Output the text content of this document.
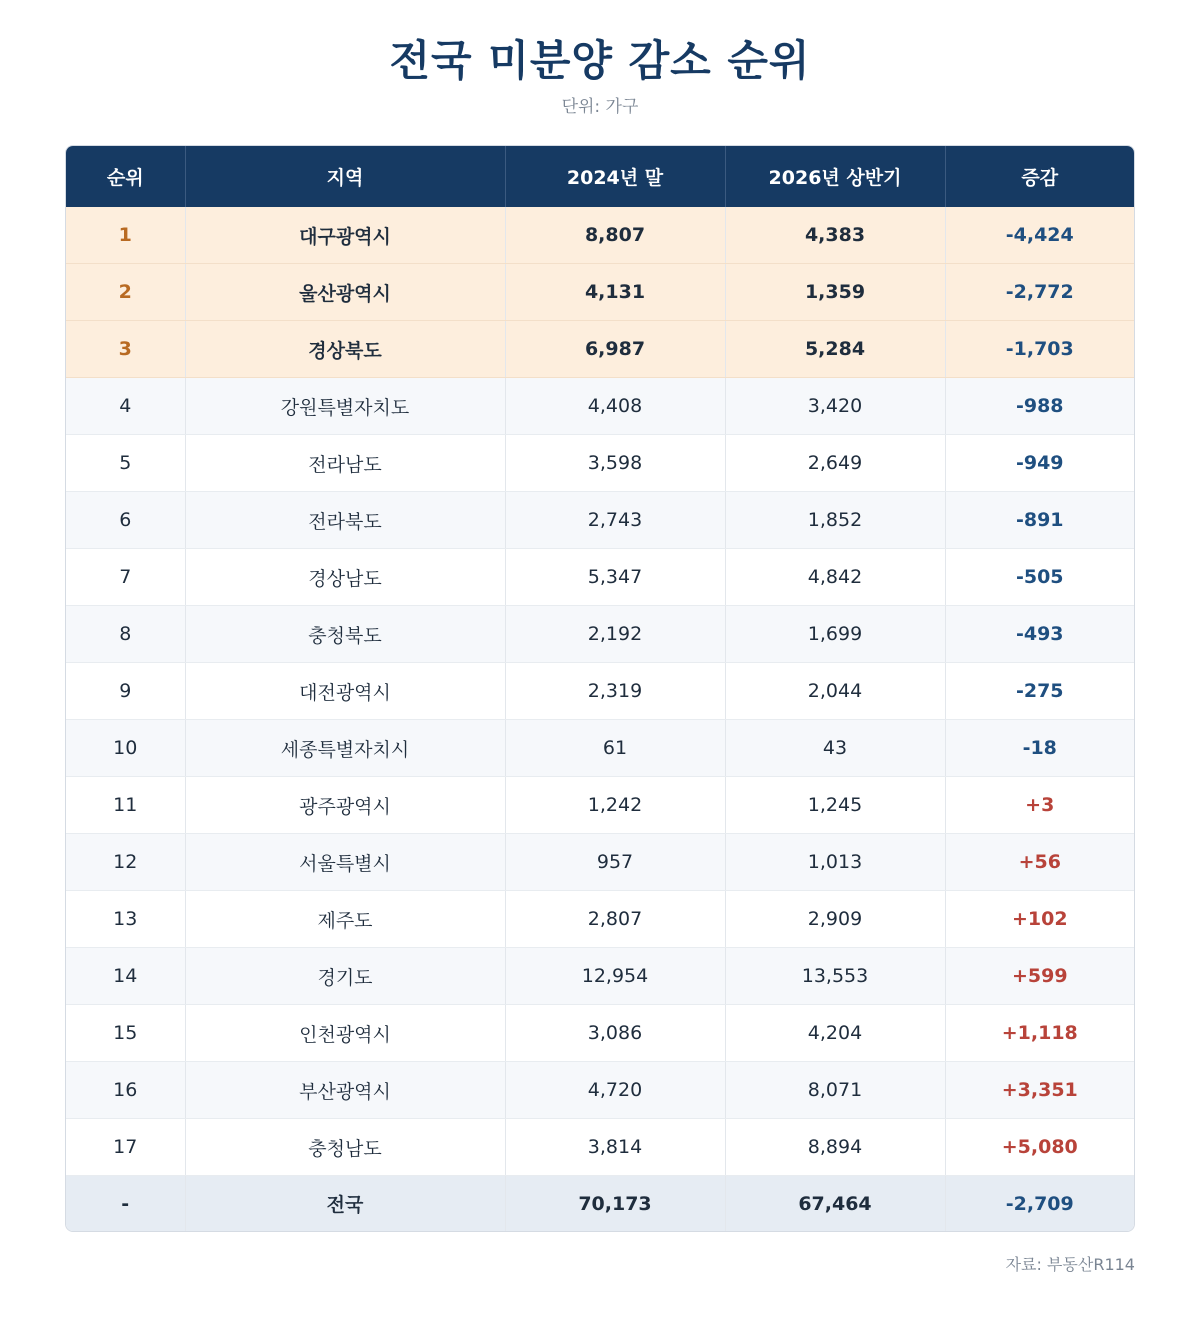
전국 미분양 감소 순위
단위: 가구
순위	지역	2024년 말	2026년 상반기	증감
1	대구광역시	8,807	4,383	-4,424
2	울산광역시	4,131	1,359	-2,772
3	경상북도	6,987	5,284	-1,703
4	강원특별자치도	4,408	3,420	-988
5	전라남도	3,598	2,649	-949
6	전라북도	2,743	1,852	-891
7	경상남도	5,347	4,842	-505
8	충청북도	2,192	1,699	-493
9	대전광역시	2,319	2,044	-275
10	세종특별자치시	61	43	-18
11	광주광역시	1,242	1,245	+3
12	서울특별시	957	1,013	+56
13	제주도	2,807	2,909	+102
14	경기도	12,954	13,553	+599
15	인천광역시	3,086	4,204	+1,118
16	부산광역시	4,720	8,071	+3,351
17	충청남도	3,814	8,894	+5,080
-	전국	70,173	67,464	-2,709
자료: 부동산R114
